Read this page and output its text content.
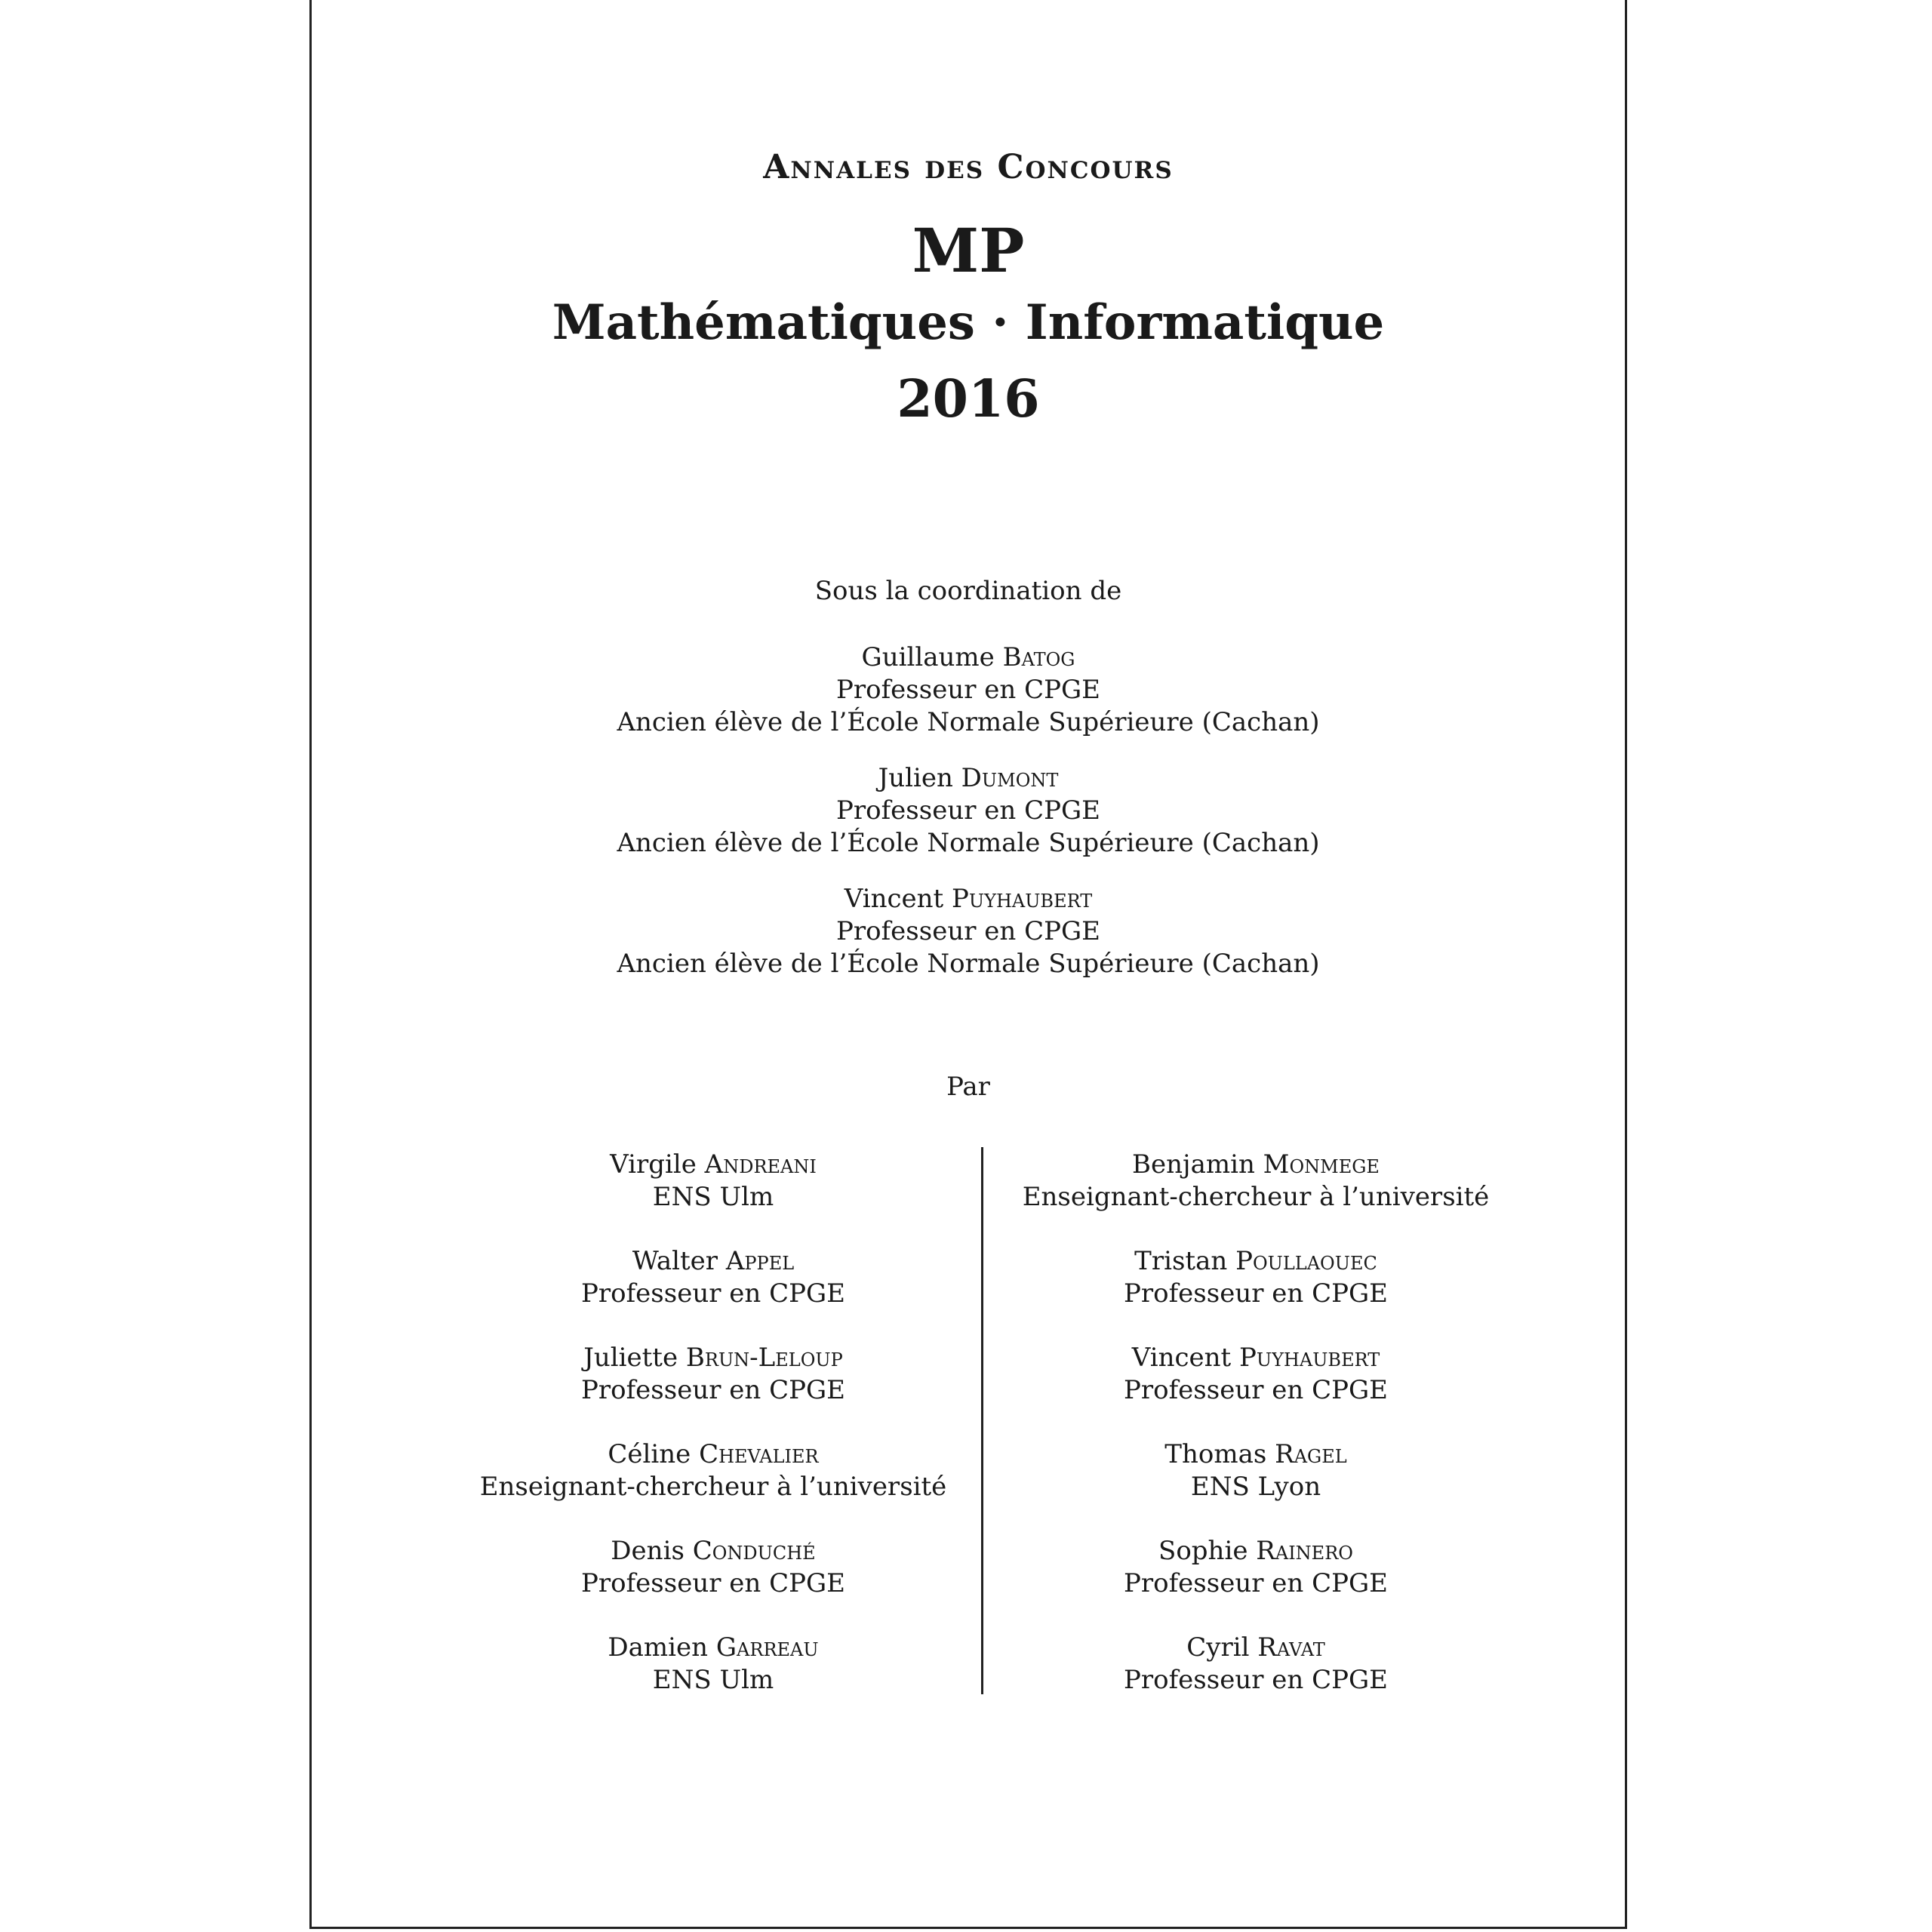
Annales des Concours
MP
Mathématiques · Informatique
2016
Sous la coordination de
Guillaume Batog
Professeur en CPGE
Ancien élève de l’École Normale Supérieure (Cachan)
Julien Dumont
Professeur en CPGE
Ancien élève de l’École Normale Supérieure (Cachan)
Vincent Puyhaubert
Professeur en CPGE
Ancien élève de l’École Normale Supérieure (Cachan)
Par
Virgile Andreani
ENS Ulm
Walter Appel
Professeur en CPGE
Juliette Brun-Leloup
Professeur en CPGE
Céline Chevalier
Enseignant-chercheur à l’université
Denis Conduché
Professeur en CPGE
Damien Garreau
ENS Ulm
Benjamin Monmege
Enseignant-chercheur à l’université
Tristan Poullaouec
Professeur en CPGE
Vincent Puyhaubert
Professeur en CPGE
Thomas Ragel
ENS Lyon
Sophie Rainero
Professeur en CPGE
Cyril Ravat
Professeur en CPGE
